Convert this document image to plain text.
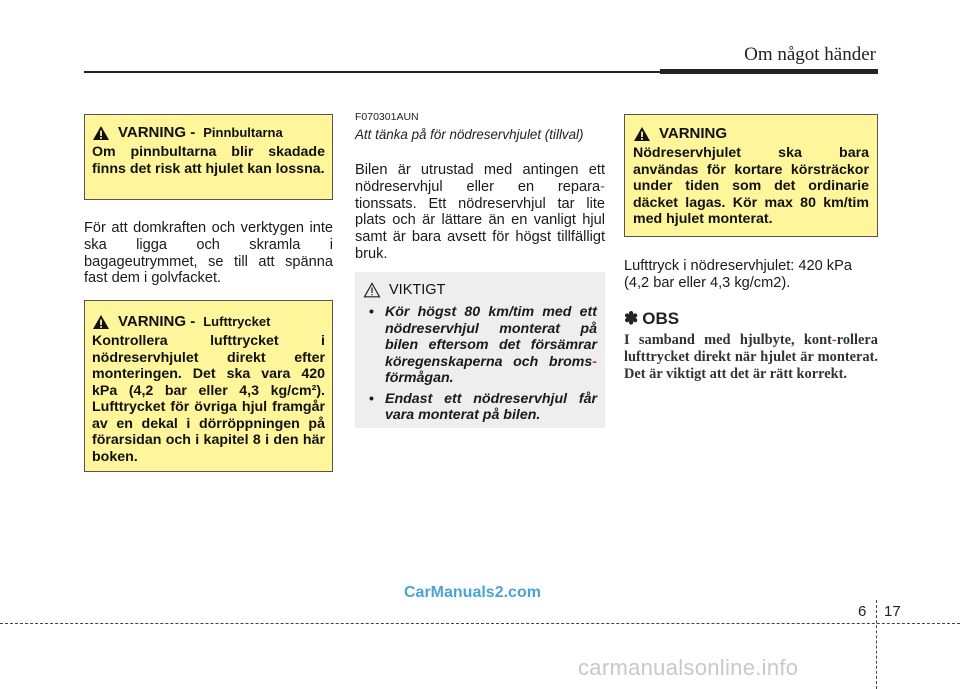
Om något händer
VARNING - Pinnbultarna
Om pinnbultarna blir skadade finns det risk att hjulet kan lossna.
För att domkraften och verktygen inte ska ligga och skramla i bagageutrymmet, se till att spänna fast dem i golvfacket.
VARNING - Lufttrycket
Kontrollera lufttrycket i nödreservhjulet direkt efter monteringen. Det ska vara 420 kPa (4,2 bar eller 4,3 kg/cm²). Lufttrycket för övriga hjul framgår av en dekal i dörröppningen på förarsidan och i kapitel 8 i den här boken.
F070301AUN
Att tänka på för nödreservhjulet (tillval)
Bilen är utrustad med antingen ett nödreservhjul eller en repara-tionssats. Ett nödreservhjul tar lite plats och är lättare än en vanligt hjul samt är bara avsett för högst tillfälligt bruk.
VIKTIGT
• Kör högst 80 km/tim med ett nödreservhjul monterat på bilen eftersom det försämrar köregenskaperna och broms-förmågan.
• Endast ett nödreservhjul får vara monterat på bilen.
VARNING
Nödreservhjulet ska bara användas för kortare körsträckor under tiden som det ordinarie däcket lagas. Kör max 80 km/tim med hjulet monterat.
Lufttryck i nödreservhjulet: 420 kPa (4,2 bar eller 4,3 kg/cm2).
✽ OBS
I samband med hjulbyte, kont-rollera lufttrycket direkt när hjulet är monterat. Det är viktigt att det är rätt korrekt.
CarManuals2.com
6 17
carmanualsonline.info
